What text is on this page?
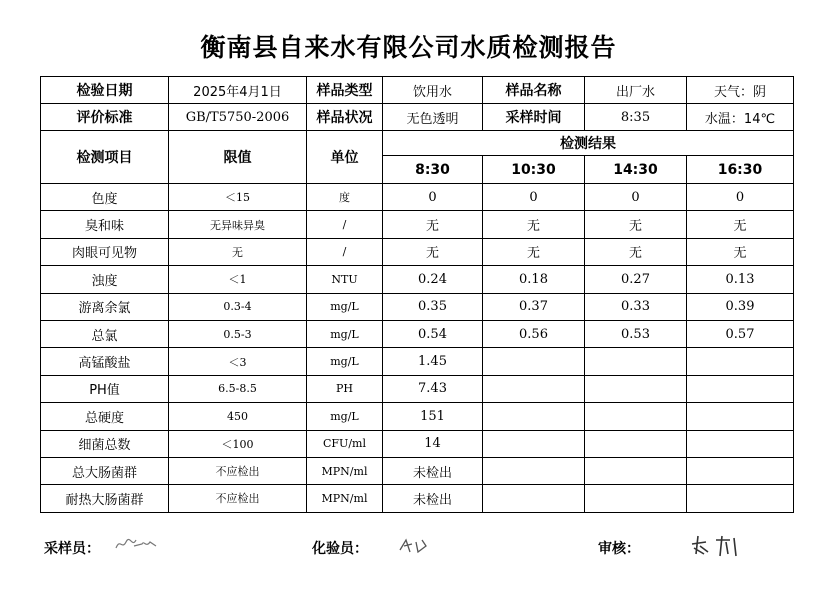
衡南县自来水有限公司水质检测报告
检验日期	2025年4月1日	样品类型	饮用水	样品名称	出厂水	天气：阴
评价标准	GB/T5750-2006	样品状况	无色透明	采样时间	8:35	水温：14℃
检测项目	限值	单位	检测结果			
			8:30	10:30	14:30	16:30
色度	＜15	度	0	0	0	0
臭和味	无异味异臭	/	无	无	无	无
肉眼可见物	无	/	无	无	无	无
浊度	＜1	NTU	0.24	0.18	0.27	0.13
游离余氯	0.3-4	mg/L	0.35	0.37	0.33	0.39
总氯	0.5-3	mg/L	0.54	0.56	0.53	0.57
高锰酸盐	＜3	mg/L	1.45			
PH值	6.5-8.5	PH	7.43			
总硬度	450	mg/L	151			
细菌总数	＜100	CFU/ml	14			
总大肠菌群	不应检出	MPN/ml	未检出			
耐热大肠菌群	不应检出	MPN/ml	未检出			
采样员：	化验员：	审核：
